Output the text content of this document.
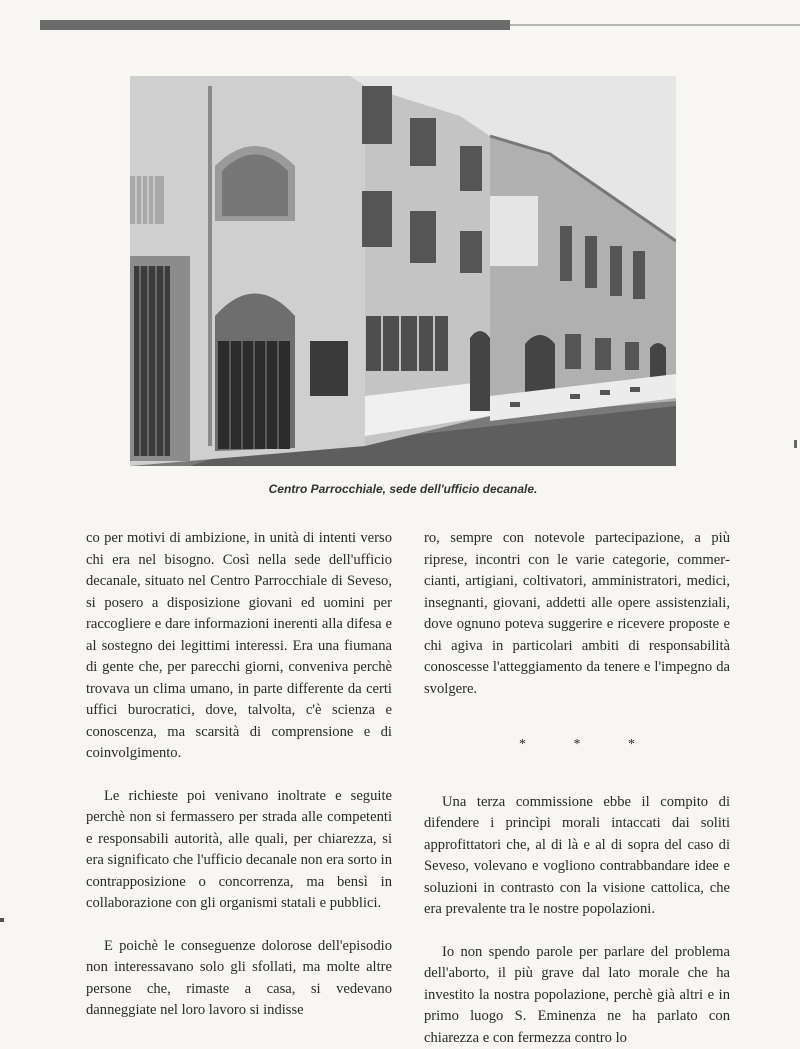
Centro Parrocchiale, sede dell'ufficio decanale.

co per motivi di ambizione, in unità di intenti verso chi era nel bisogno. Così nella sede dell'ufficio decanale, situato nel Centro Parrocchiale di Seveso, si posero a disposizione giovani ed uomini per raccogliere e dare informazioni inerenti alla difesa e al sostegno dei legittimi interessi. Era una fiumana di gente che, per parecchi giorni, conveniva perchè trovava un clima umano, in parte differente da certi uffici burocratici, dove, talvolta, c'è scienza e conoscenza, ma scarsità di comprensione e di coinvolgimento.

Le richieste poi venivano inoltrate e seguite perchè non si fermassero per strada alle competenti e responsabili autorità, alle quali, per chiarezza, si era significato che l'ufficio decanale non era sorto in contrapposizione o concorrenza, ma bensì in collaborazione con gli organismi statali e pubblici.

E poichè le conseguenze dolorose dell'episodio non interessavano solo gli sfollati, ma molte altre persone che, rimaste a casa, si vedevano danneggiate nel loro lavoro si indisse

ro, sempre con notevole partecipazione, a più riprese, incontri con le varie categorie, commercianti, artigiani, coltivatori, amministratori, medici, insegnanti, giovani, addetti alle opere assistenziali, dove ognuno poteva suggerire e ricevere proposte e chi agiva in particolari ambiti di responsabilità conoscesse l'atteggiamento da tenere e l'impegno da svolgere.

* * *

Una terza commissione ebbe il compito di difendere i princìpi morali intaccati dai soliti approfittatori che, al di là e al di sopra del caso di Seveso, volevano e vogliono contrabbandare idee e soluzioni in contrasto con la visione cattolica, che era prevalente tra le nostre popolazioni.

Io non spendo parole per parlare del problema dell'aborto, il più grave dal lato morale che ha investito la nostra popolazione, perchè già altri e in primo luogo S. Eminenza ne ha parlato con chiarezza e con fermezza contro lo
